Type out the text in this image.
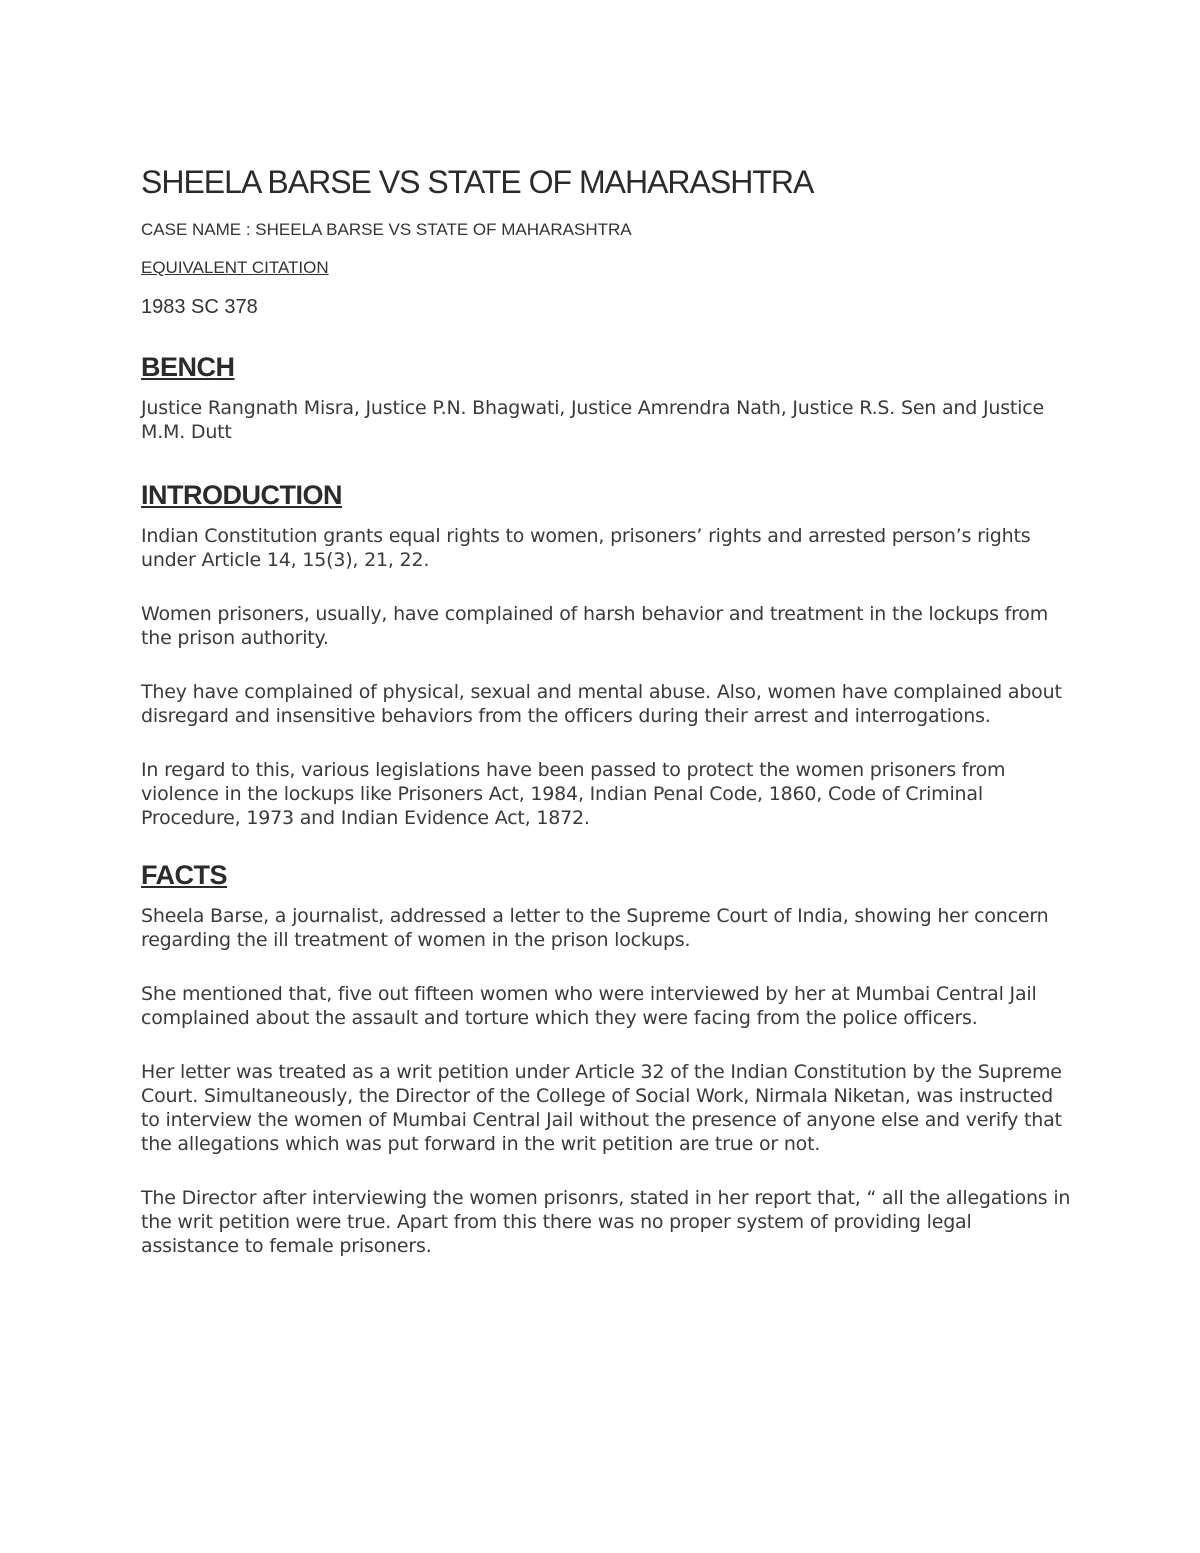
SHEELA BARSE VS STATE OF MAHARASHTRA

CASE NAME : SHEELA BARSE VS STATE OF MAHARASHTRA

EQUIVALENT CITATION

1983 SC 378

BENCH

Justice Rangnath Misra, Justice P.N. Bhagwati, Justice Amrendra Nath, Justice R.S. Sen and Justice M.M. Dutt

INTRODUCTION

Indian Constitution grants equal rights to women, prisoners’ rights and arrested person’s rights under Article 14, 15(3), 21, 22.

Women prisoners, usually, have complained of harsh behavior and treatment in the lockups from the prison authority.

They have complained of physical, sexual and mental abuse. Also, women have complained about disregard and insensitive behaviors from the officers during their arrest and interrogations.

In regard to this, various legislations have been passed to protect the women prisoners from violence in the lockups like Prisoners Act, 1984, Indian Penal Code, 1860, Code of Criminal Procedure, 1973 and Indian Evidence Act, 1872.

FACTS

Sheela Barse, a journalist, addressed a letter to the Supreme Court of India, showing her concern regarding the ill treatment of women in the prison lockups.

She mentioned that, five out fifteen women who were interviewed by her at Mumbai Central Jail complained about the assault and torture which they were facing from the police officers.

Her letter was treated as a writ petition under Article 32 of the Indian Constitution by the Supreme Court. Simultaneously, the Director of the College of Social Work, Nirmala Niketan, was instructed to interview the women of Mumbai Central Jail without the presence of anyone else and verify that the allegations which was put forward in the writ petition are true or not.

The Director after interviewing the women prisonrs, stated in her report that, “ all the allegations in the writ petition were true. Apart from this there was no proper system of providing legal assistance to female prisoners.
